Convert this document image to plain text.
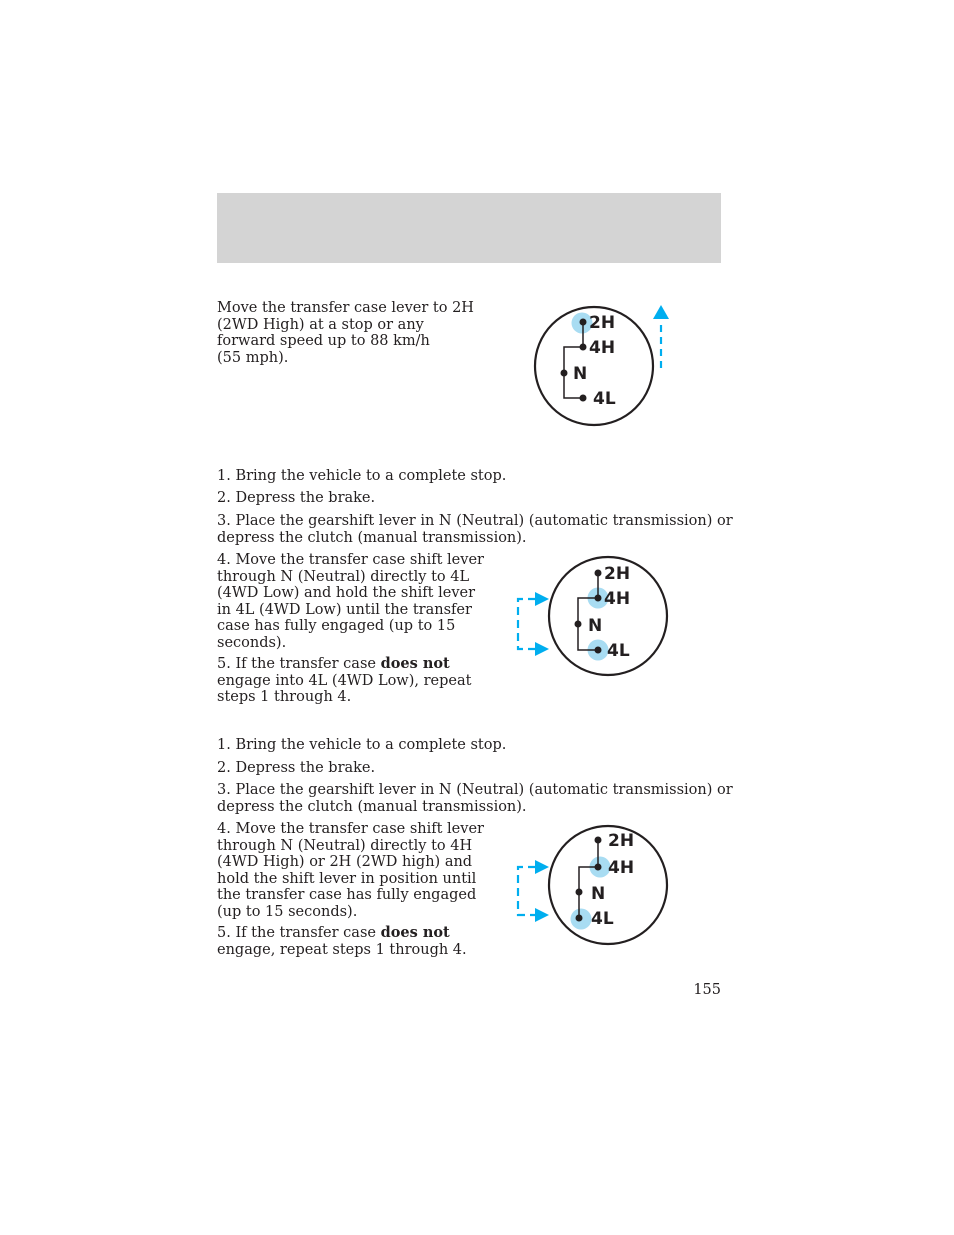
Move the transfer case lever to 2H
(2WD High) at a stop or any
forward speed up to 88 km/h
(55 mph).

2H
4H
N
4L

1. Bring the vehicle to a complete stop.

2. Depress the brake.

3. Place the gearshift lever in N (Neutral) (automatic transmission) or
depress the clutch (manual transmission).

4. Move the transfer case shift lever
through N (Neutral) directly to 4L
(4WD Low) and hold the shift lever
in 4L (4WD Low) until the transfer
case has fully engaged (up to 15
seconds).

5. If the transfer case does not
engage into 4L (4WD Low), repeat
steps 1 through 4.

2H
4H
N
4L

1. Bring the vehicle to a complete stop.

2. Depress the brake.

3. Place the gearshift lever in N (Neutral) (automatic transmission) or
depress the clutch (manual transmission).

4. Move the transfer case shift lever
through N (Neutral) directly to 4H
(4WD High) or 2H (2WD high) and
hold the shift lever in position until
the transfer case has fully engaged
(up to 15 seconds).

5. If the transfer case does not
engage, repeat steps 1 through 4.

2H
4H
N
4L
155
